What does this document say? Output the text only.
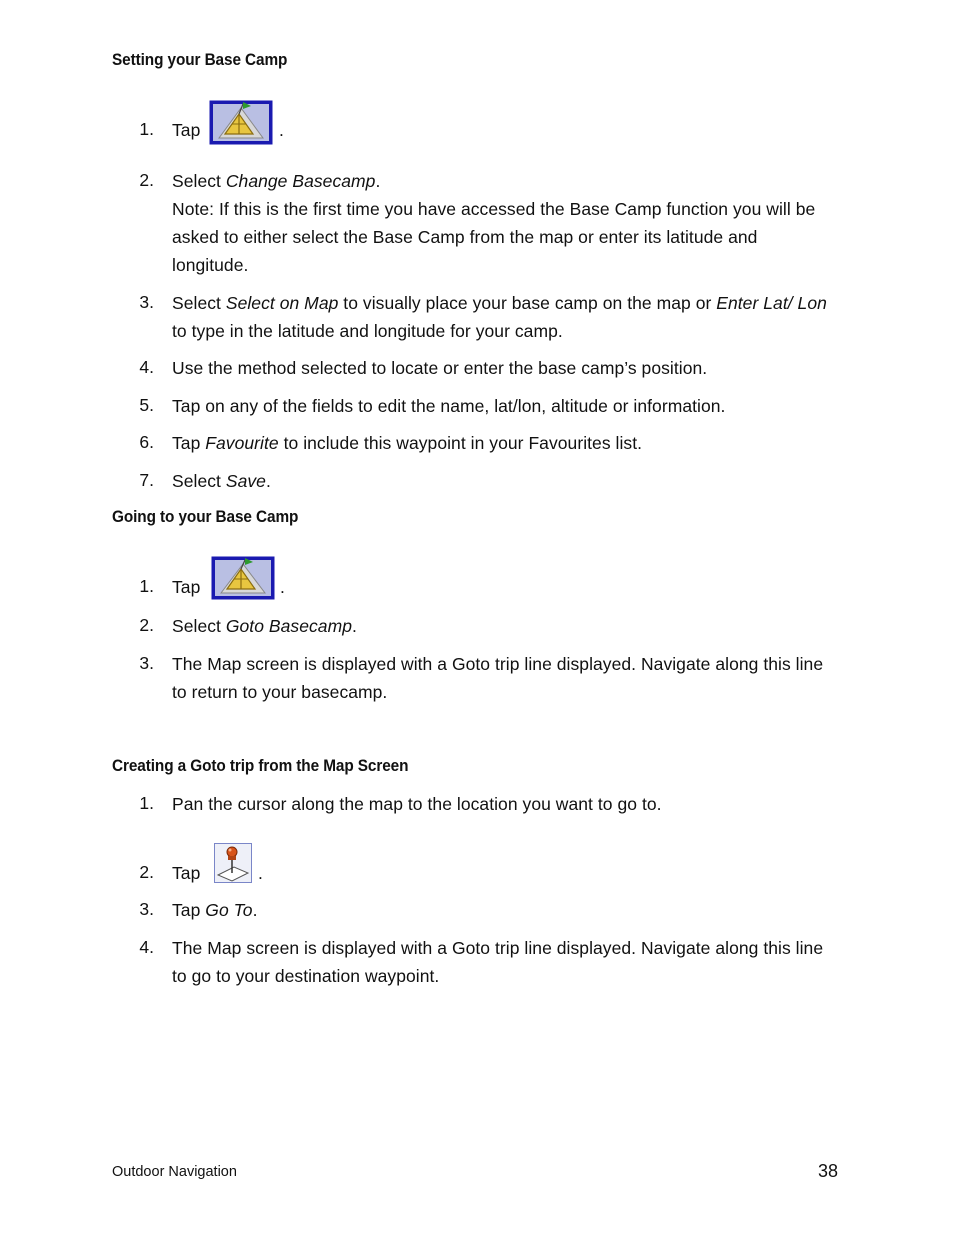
Setting your Base Camp
1. Tap	.
2. Select Change Basecamp.

Note: If this is the first time you have accessed the Base Camp function you will be asked to either select the Base Camp from the map or enter its latitude and longitude.

3. Select Select on Map to visually place your base camp on the map or Enter Lat/ Lon to type in the latitude and longitude for your camp.
4. Use the method selected to locate or enter the base camp’s position.
5. Tap on any of the fields to edit the name, lat/lon, altitude or information.
6. Tap Favourite to include this waypoint in your Favourites list.
7. Select Save.
Going to your Base Camp
1. Tap	.
2. Select Goto Basecamp.
3. The Map screen is displayed with a Goto trip line displayed. Navigate along this line to return to your basecamp.
Creating a Goto trip from the Map Screen
1. Pan the cursor along the map to the location you want to go to.
2. Tap	.
3. Tap Go To.
4. The Map screen is displayed with a Goto trip line displayed. Navigate along this line to go to your destination waypoint.
Outdoor Navigation	38
